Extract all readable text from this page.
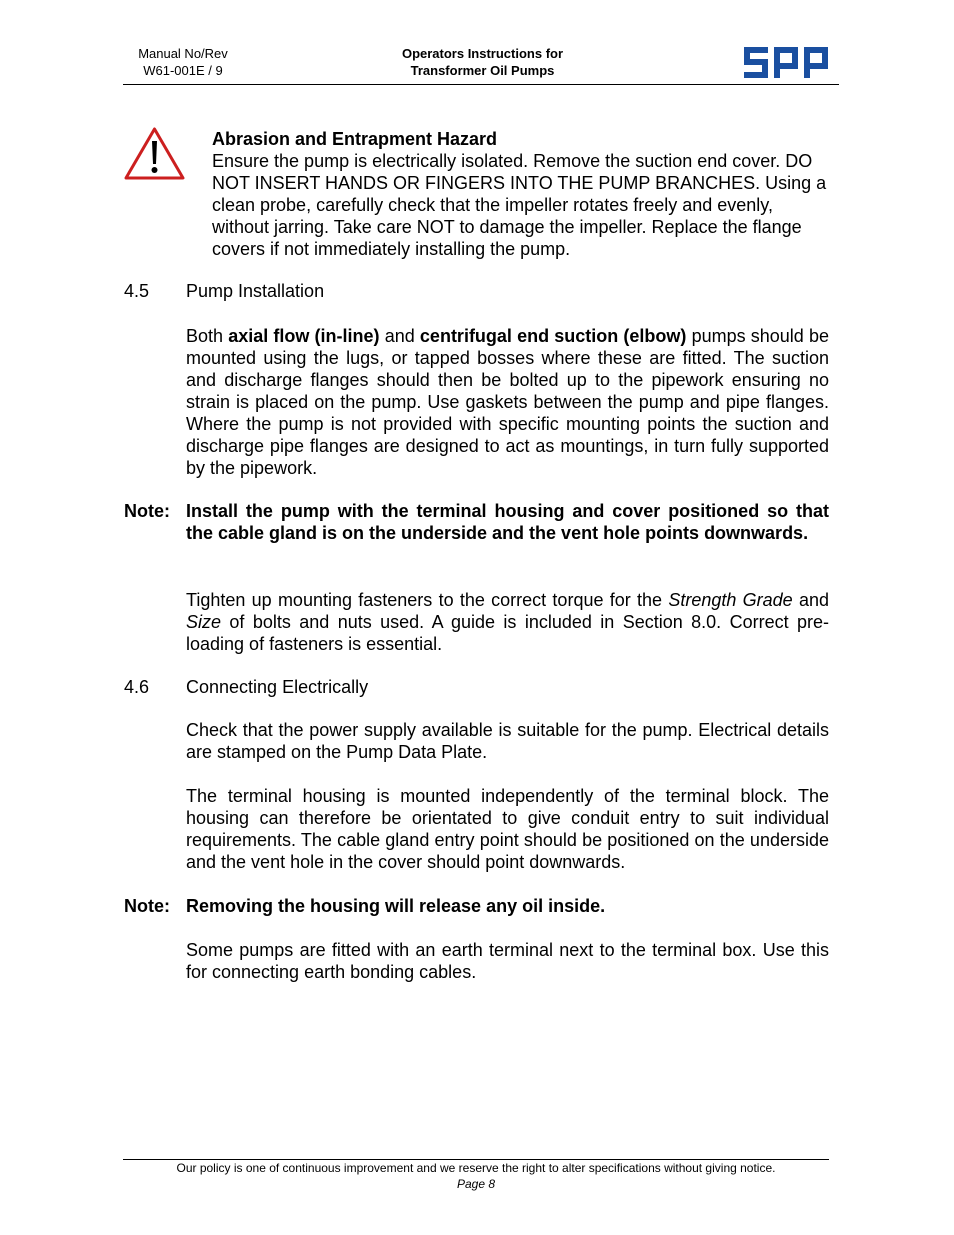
Manual No/Rev
W61-001E / 9
Operators Instructions for
Transformer Oil Pumps
Abrasion and Entrapment Hazard
Ensure the pump is electrically isolated. Remove the suction end cover. DO NOT INSERT HANDS OR FINGERS INTO THE PUMP BRANCHES. Using a clean probe, carefully check that the impeller rotates freely and evenly, without jarring. Take care NOT to damage the impeller. Replace the flange covers if not immediately installing the pump.
4.5 Pump Installation
Both axial flow (in-line) and centrifugal end suction (elbow) pumps should be mounted using the lugs, or tapped bosses where these are fitted. The suction and discharge flanges should then be bolted up to the pipework ensuring no strain is placed on the pump. Use gaskets between the pump and pipe flanges. Where the pump is not provided with specific mounting points the suction and discharge pipe flanges are designed to act as mountings, in turn fully supported by the pipework.
Note: Install the pump with the terminal housing and cover positioned so that the cable gland is on the underside and the vent hole points downwards.
Tighten up mounting fasteners to the correct torque for the Strength Grade and Size of bolts and nuts used. A guide is included in Section 8.0. Correct pre-loading of fasteners is essential.
4.6 Connecting Electrically
Check that the power supply available is suitable for the pump. Electrical details are stamped on the Pump Data Plate.
The terminal housing is mounted independently of the terminal block. The housing can therefore be orientated to give conduit entry to suit individual requirements. The cable gland entry point should be positioned on the underside and the vent hole in the cover should point downwards.
Note: Removing the housing will release any oil inside.
Some pumps are fitted with an earth terminal next to the terminal box. Use this for connecting earth bonding cables.
Our policy is one of continuous improvement and we reserve the right to alter specifications without giving notice.
Page 8
